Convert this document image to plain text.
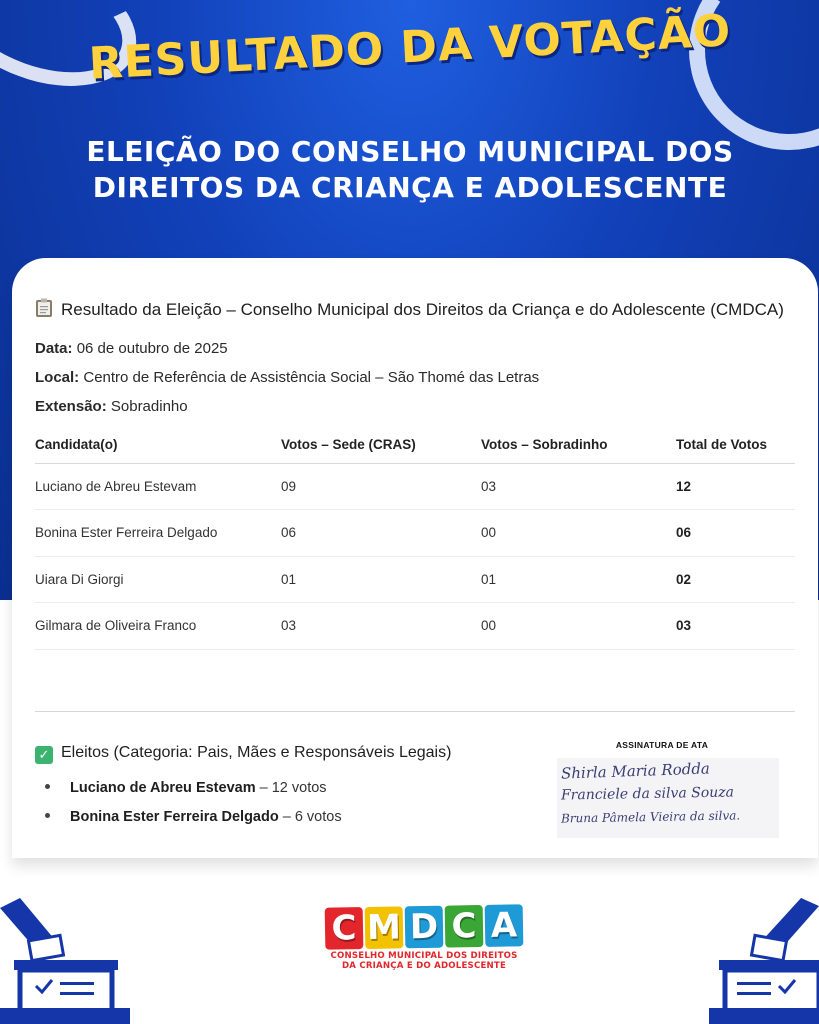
RESULTADO DA VOTAÇÃO
ELEIÇÃO DO CONSELHO MUNICIPAL DOS
DIREITOS DA CRIANÇA E ADOLESCENTE
Resultado da Eleição – Conselho Municipal dos Direitos da Criança e do Adolescente (CMDCA)
Data: 06 de outubro de 2025
Local: Centro de Referência de Assistência Social – São Thomé das Letras
Extensão: Sobradinho
Candidata(o)	Votos – Sede (CRAS)	Votos – Sobradinho	Total de Votos
Luciano de Abreu Estevam	09	03	12
Bonina Ester Ferreira Delgado	06	00	06
Uiara Di Giorgi	01	01	02
Gilmara de Oliveira Franco	03	00	03
✓ Eleitos (Categoria: Pais, Mães e Responsáveis Legais)
Luciano de Abreu Estevam – 12 votos
Bonina Ester Ferreira Delgado – 6 votos
ASSINATURA DE ATA
Shirla Maria Rodda
Franciele da silva Souza
Bruna Pâmela Vieira da silva.
C M D C A
CONSELHO MUNICIPAL DOS DIREITOS
DA CRIANÇA E DO ADOLESCENTE
